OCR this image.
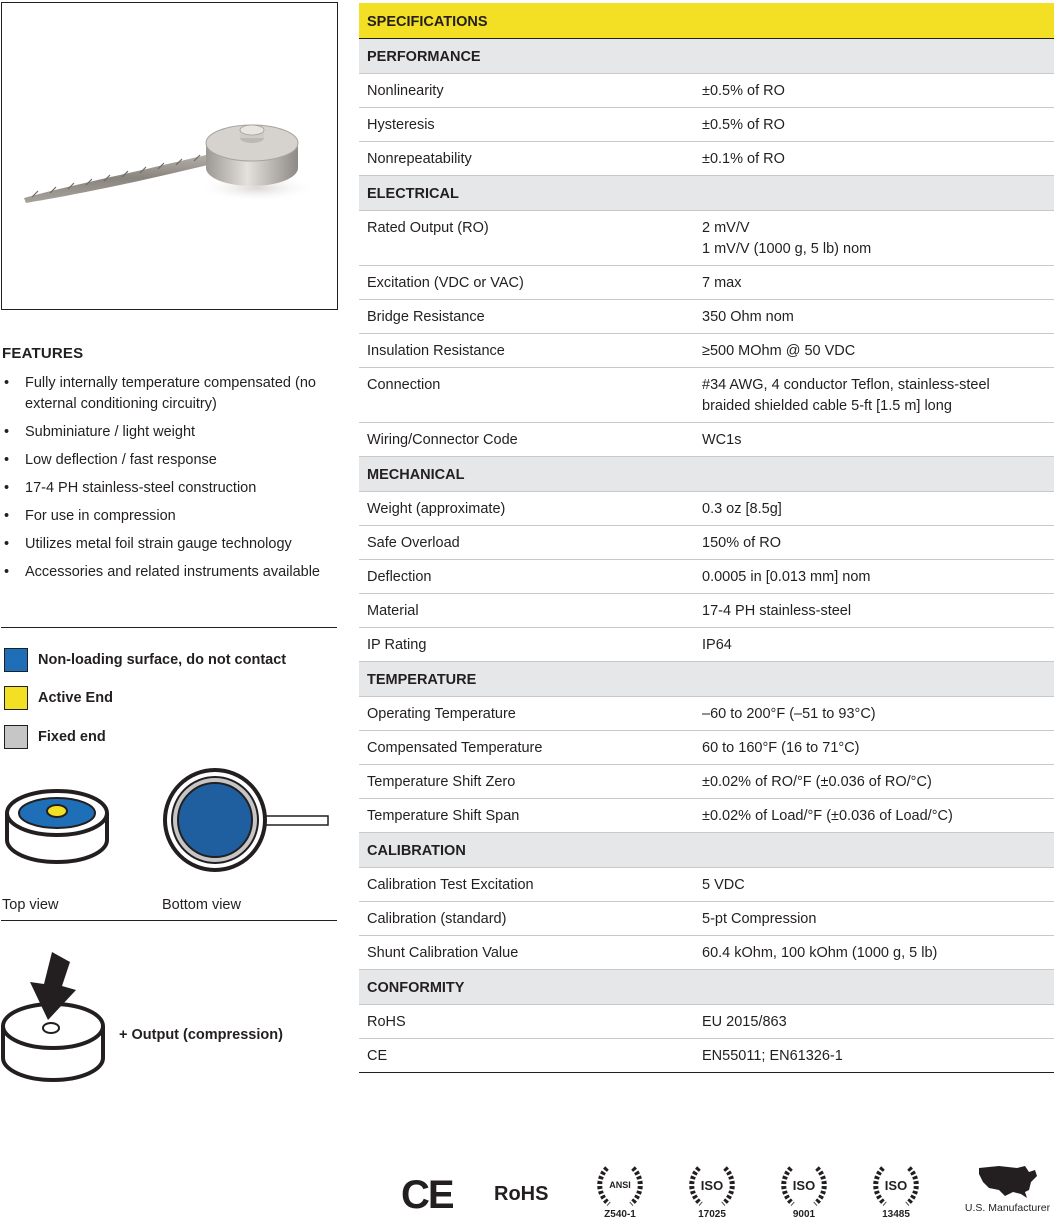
FEATURES
• Fully internally temperature compensated (no external conditioning circuitry)
• Subminiature / light weight
• Low deflection / fast response
• 17-4 PH stainless-steel construction
• For use in compression
• Utilizes metal foil strain gauge technology
• Accessories and related instruments available
Non-loading surface, do not contact
Active End
Fixed end
Top view	Bottom view
+ Output (compression)
SPECIFICATIONS	
PERFORMANCE	
Nonlinearity	±0.5% of RO
Hysteresis	±0.5% of RO
Nonrepeatability	±0.1% of RO
ELECTRICAL	
Rated Output (RO)	2 mV/V
1 mV/V (1000 g, 5 lb) nom

Excitation (VDC or VAC)	7 max
Bridge Resistance	350 Ohm nom
Insulation Resistance	≥500 MOhm @ 50 VDC
Connection	#34 AWG, 4 conductor Teflon, stainless-steel
braided shielded cable 5-ft [1.5 m] long

Wiring/Connector Code	WC1s
MECHANICAL	
Weight (approximate)	0.3 oz [8.5g]
Safe Overload	150% of RO
Deflection	0.0005 in [0.013 mm] nom
Material	17-4 PH stainless-steel
IP Rating	IP64
TEMPERATURE	
Operating Temperature	–60 to 200°F (–51 to 93°C)
Compensated Temperature	60 to 160°F (16 to 71°C)
Temperature Shift Zero	±0.02% of RO/°F (±0.036 of RO/°C)
Temperature Shift Span	±0.02% of Load/°F (±0.036 of Load/°C)
CALIBRATION	
Calibration Test Excitation	5 VDC
Calibration (standard)	5-pt Compression
Shunt Calibration Value	60.4 kOhm, 100 kOhm (1000 g, 5 lb)
CONFORMITY	
RoHS	EU 2015/863
CE	EN55011; EN61326-1
CE RoHS	ANSI
Z540-1
ISO
17025
ISO
9001
ISO
13485
U.S. Manufacturer
